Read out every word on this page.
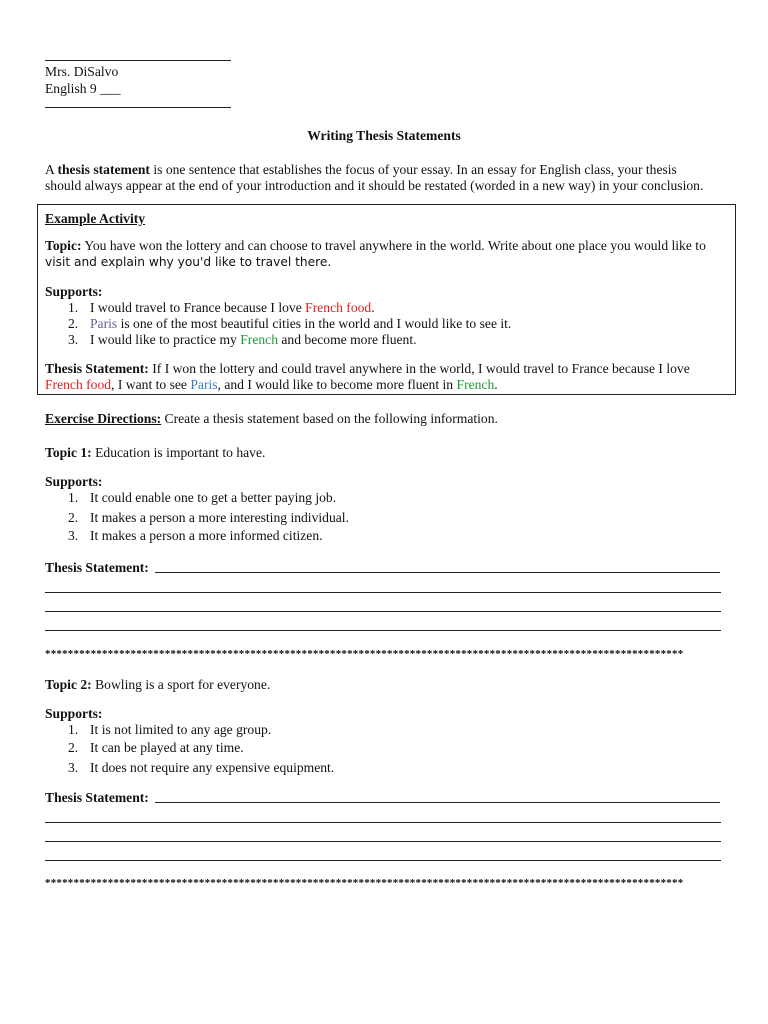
Mrs. DiSalvo
English 9 ___
Writing Thesis Statements
A thesis statement is one sentence that establishes the focus of your essay. In an essay for English class, your thesis
should always appear at the end of your introduction and it should be restated (worded in a new way) in your conclusion.
Example Activity
Topic: You have won the lottery and can choose to travel anywhere in the world. Write about one place you would like to
visit and explain why you'd like to travel there.
Supports:
1. I would travel to France because I love French food.
2. Paris is one of the most beautiful cities in the world and I would like to see it.
3. I would like to practice my French and become more fluent.
Thesis Statement: If I won the lottery and could travel anywhere in the world, I would travel to France because I love
French food, I want to see Paris, and I would like to become more fluent in French.
Exercise Directions: Create a thesis statement based on the following information.
Topic 1: Education is important to have.
Supports:
1. It could enable one to get a better paying job.
2. It makes a person a more interesting individual.
3. It makes a person a more informed citizen.
Thesis Statement:
****************************************************************************************************************
Topic 2: Bowling is a sport for everyone.
Supports:
1. It is not limited to any age group.
2. It can be played at any time.
3. It does not require any expensive equipment.
Thesis Statement:
****************************************************************************************************************
